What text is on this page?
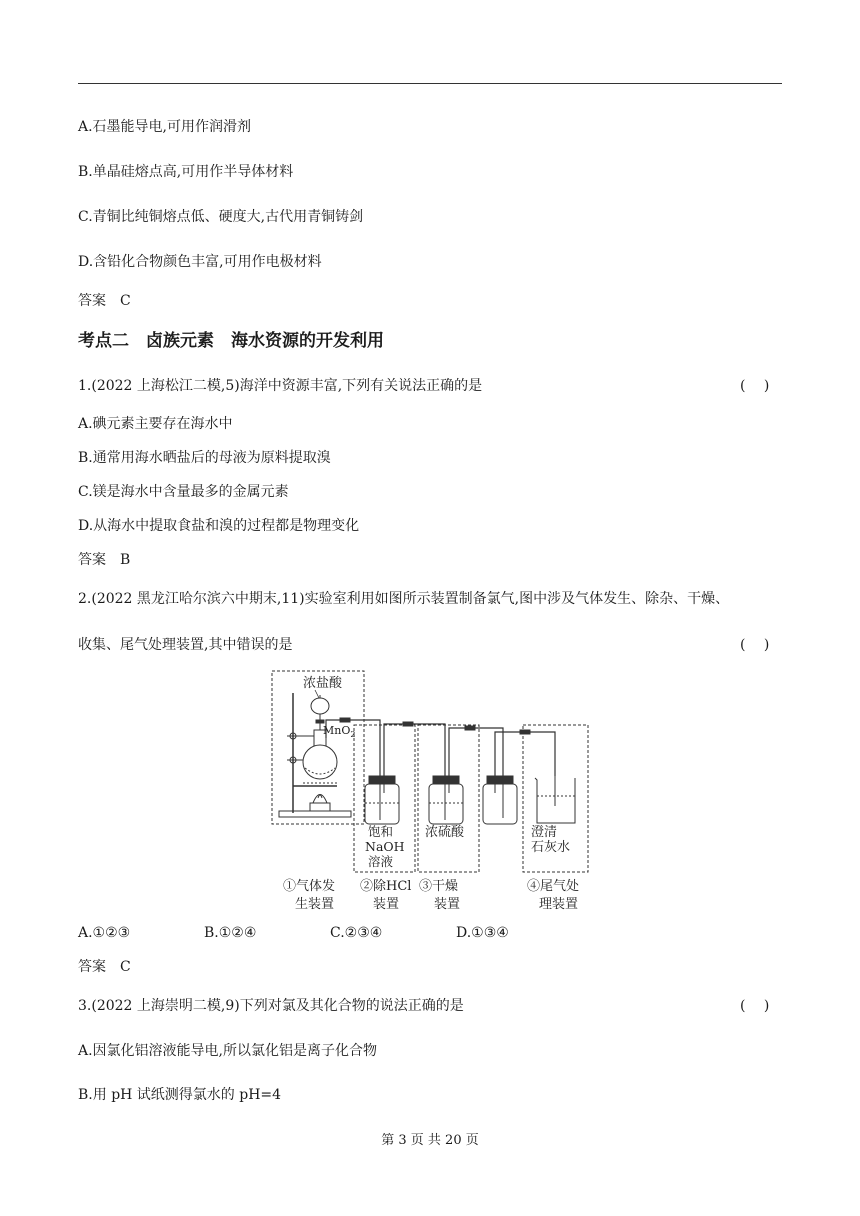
A.石墨能导电,可用作润滑剂
B.单晶硅熔点高,可用作半导体材料
C.青铜比纯铜熔点低、硬度大,古代用青铜铸剑
D.含铅化合物颜色丰富,可用作电极材料
答案　C
考点二　卤族元素　海水资源的开发利用
1.(2022 上海松江二模,5)海洋中资源丰富,下列有关说法正确的是	(　 )
A.碘元素主要存在海水中
B.通常用海水晒盐后的母液为原料提取溴
C.镁是海水中含量最多的金属元素
D.从海水中提取食盐和溴的过程都是物理变化
答案　B
2.(2022 黑龙江哈尔滨六中期末,11)实验室利用如图所示装置制备氯气,图中涉及气体发生、除杂、干燥、
收集、尾气处理装置,其中错误的是	(　 )
浓盐酸
MnO$_2$
饱和
NaOH
溶液
浓硫酸	澄清
石灰水
①气体发
生装置
②除HCl
装置
③干燥
装置
④尾气处
理装置
A.①②③	B.①②④	C.②③④	D.①③④
答案　C
3.(2022 上海崇明二模,9)下列对氯及其化合物的说法正确的是	(　 )
A.因氯化铝溶液能导电,所以氯化铝是离子化合物
B.用 pH 试纸测得氯水的 pH=4
第 3 页 共 20 页
